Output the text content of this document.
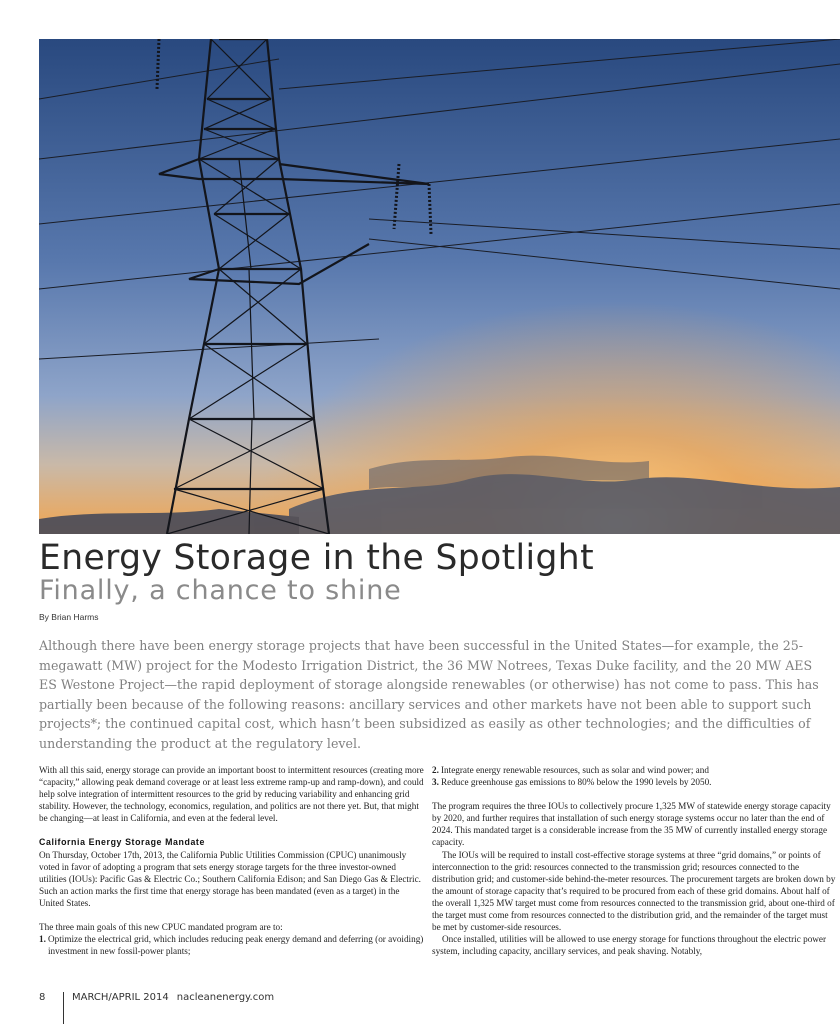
Energy Storage in the Spotlight
Finally, a chance to shine
By Brian Harms

Although there have been energy storage projects that have been successful in the United States—for example, the 25-megawatt (MW) project for the Modesto Irrigation District, the 36 MW Notrees, Texas Duke facility, and the 20 MW AES ES Westone Project—the rapid deployment of storage alongside renewables (or otherwise) has not come to pass. This has partially been because of the following reasons: ancillary services and other markets have not been able to support such projects*; the continued capital cost, which hasn’t been subsidized as easily as other technologies; and the difficulties of understanding the product at the regulatory level.

With all this said, energy storage can provide an important boost to intermittent resources (creating more “capacity,” allowing peak demand coverage or at least less extreme ramp-up and ramp-down), and could help solve integration of intermittent resources to the grid by reducing variability and enhancing grid stability. However, the technology, economics, regulation, and politics are not there yet. But, that might be changing—at least in California, and even at the federal level.

California Energy Storage Mandate

On Thursday, October 17th, 2013, the California Public Utilities Commission (CPUC) unanimously voted in favor of adopting a program that sets energy storage targets for the three investor-owned utilities (IOUs): Pacific Gas & Electric Co.; Southern California Edison; and San Diego Gas & Electric. Such an action marks the first time that energy storage has been mandated (even as a target) in the United States.

The three main goals of this new CPUC mandated program are to:

1. Optimize the electrical grid, which includes reducing peak energy demand and deferring (or avoiding) investment in new fossil-power plants;

2. Integrate energy renewable resources, such as solar and wind power; and

3. Reduce greenhouse gas emissions to 80% below the 1990 levels by 2050.

The program requires the three IOUs to collectively procure 1,325 MW of statewide energy storage capacity by 2020, and further requires that installation of such energy storage systems occur no later than the end of 2024. This mandated target is a considerable increase from the 35 MW of currently installed energy storage capacity.

The IOUs will be required to install cost-effective storage systems at three “grid domains,” or points of interconnection to the grid: resources connected to the transmission grid; resources connected to the distribution grid; and customer-side behind-the-meter resources. The procurement targets are broken down by the amount of storage capacity that’s required to be procured from each of these grid domains. About half of the overall 1,325 MW target must come from resources connected to the transmission grid, about one-third of the target must come from resources connected to the distribution grid, and the remainder of the target must be met by customer-side resources.

Once installed, utilities will be allowed to use energy storage for functions throughout the electric power system, including capacity, ancillary services, and peak shaving. Notably,

8	MARCH/APRIL 2014 nacleanenergy.com
